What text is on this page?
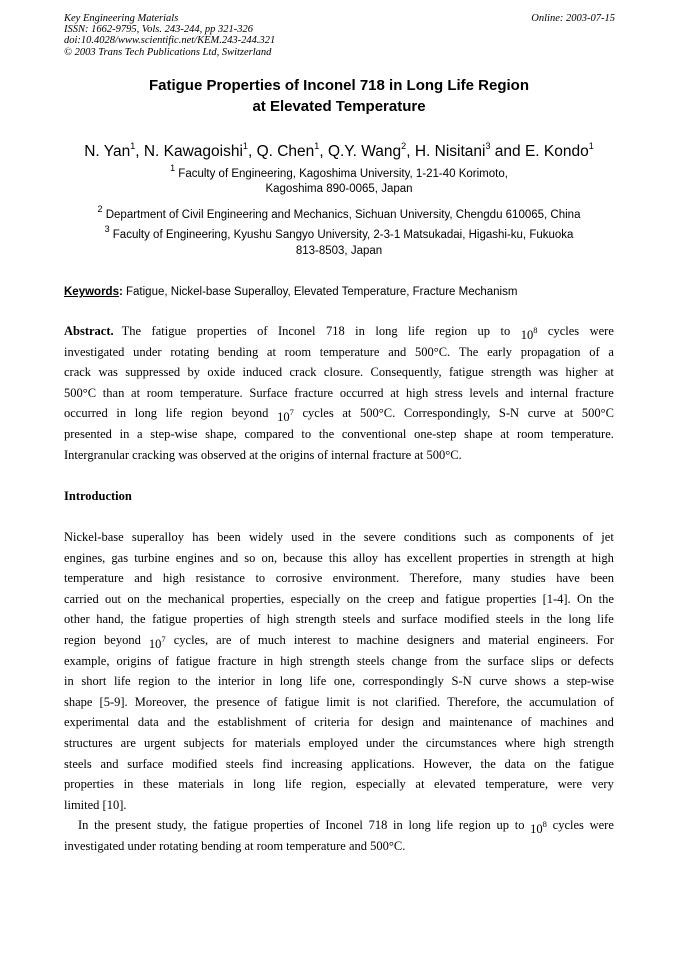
Key Engineering Materials
ISSN: 1662-9795, Vols. 243-244, pp 321-326
doi:10.4028/www.scientific.net/KEM.243-244.321
© 2003 Trans Tech Publications Ltd, Switzerland
Online: 2003-07-15
Fatigue Properties of Inconel 718 in Long Life Region
at Elevated Temperature
N. Yan$^1$, N. Kawagoishi$^1$, Q. Chen$^1$, Q.Y. Wang$^2$, H. Nisitani$^3$ and E. Kondo$^1$
$^1$ Faculty of Engineering, Kagoshima University, 1-21-40 Korimoto,
Kagoshima 890-0065, Japan
$^2$ Department of Civil Engineering and Mechanics, Sichuan University, Chengdu 610065, China
$^3$ Faculty of Engineering, Kyushu Sangyo University, 2-3-1 Matsukadai, Higashi-ku, Fukuoka
813-8503, Japan
Keywords: Fatigue, Nickel-base Superalloy, Elevated Temperature, Fracture Mechanism
Abstract. The fatigue properties of Inconel 718 in long life region up to $10^8$ cycles were
investigated under rotating bending at room temperature and 500°C. The early propagation of a
crack was suppressed by oxide induced crack closure. Consequently, fatigue strength was higher at
500°C than at room temperature. Surface fracture occurred at high stress levels and internal fracture
occurred in long life region beyond $10^7$ cycles at 500°C. Correspondingly, S-N curve at 500°C
presented in a step-wise shape, compared to the conventional one-step shape at room temperature.
Intergranular cracking was observed at the origins of internal fracture at 500°C.
Introduction
Nickel-base superalloy has been widely used in the severe conditions such as components of jet
engines, gas turbine engines and so on, because this alloy has excellent properties in strength at high
temperature and high resistance to corrosive environment. Therefore, many studies have been
carried out on the mechanical properties, especially on the creep and fatigue properties [1-4]. On the
other hand, the fatigue properties of high strength steels and surface modified steels in the long life
region beyond $10^7$ cycles, are of much interest to machine designers and material engineers. For
example, origins of fatigue fracture in high strength steels change from the surface slips or defects
in short life region to the interior in long life one, correspondingly S-N curve shows a step-wise
shape [5-9]. Moreover, the presence of fatigue limit is not clarified. Therefore, the accumulation of
experimental data and the establishment of criteria for design and maintenance of machines and
structures are urgent subjects for materials employed under the circumstances where high strength
steels and surface modified steels find increasing applications. However, the data on the fatigue
properties in these materials in long life region, especially at elevated temperature, were very
limited [10].
In the present study, the fatigue properties of Inconel 718 in long life region up to $10^8$ cycles were
investigated under rotating bending at room temperature and 500°C.
